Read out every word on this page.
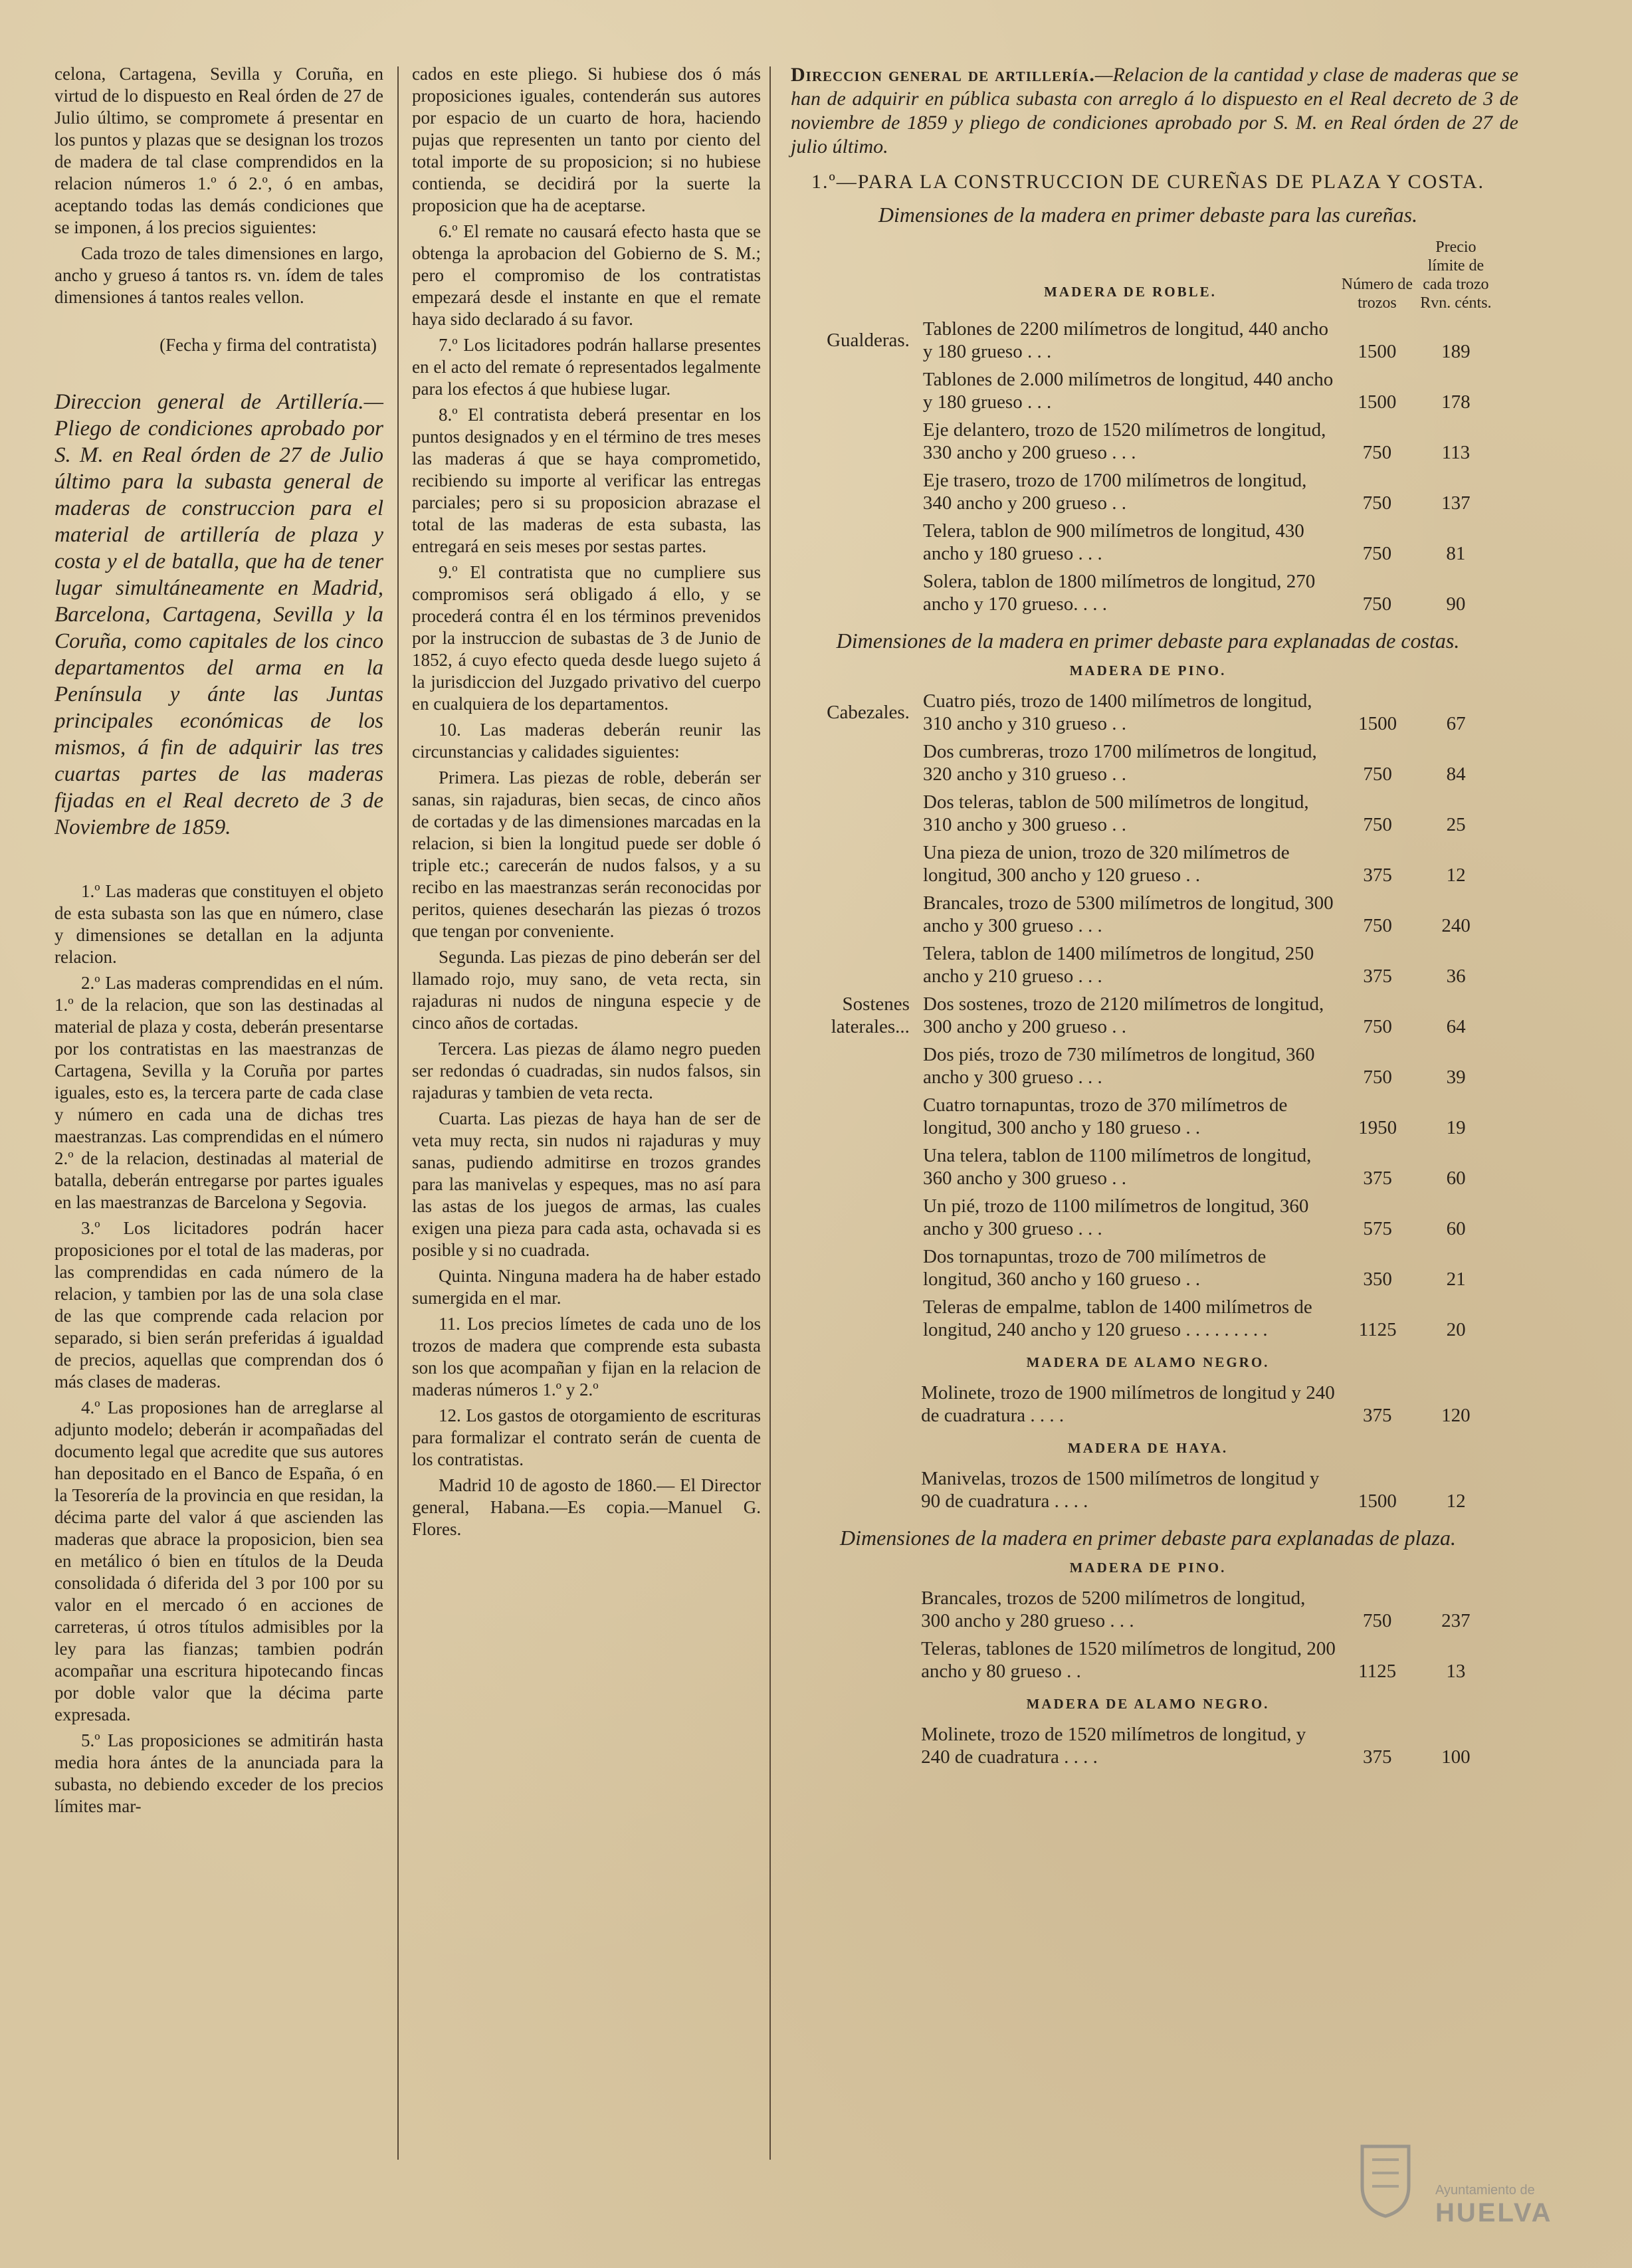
celona, Cartagena, Sevilla y Coruña, en virtud de lo dispuesto en Real órden de 27 de Julio último, se compromete á presentar en los puntos y plazas que se designan los trozos de madera de tal clase comprendidos en la relacion números 1.º ó 2.º, ó en ambas, aceptando todas las demás condiciones que se imponen, á los precios siguientes:

Cada trozo de tales dimensiones en largo, ancho y grueso á tantos rs. vn. ídem de tales dimensiones á tantos reales vellon.

(Fecha y firma del contratista)
Direccion general de Artillería.— Pliego de condiciones aprobado por S. M. en Real órden de 27 de Julio último para la subasta general de maderas de construccion para el material de artillería de plaza y costa y el de batalla, que ha de tener lugar simultáneamente en Madrid, Barcelona, Cartagena, Sevilla y la Coruña, como capitales de los cinco departamentos del arma en la Península y ánte las Juntas principales económicas de los mismos, á fin de adquirir las tres cuartas partes de las maderas fijadas en el Real decreto de 3 de Noviembre de 1859.

1.º Las maderas que constituyen el objeto de esta subasta son las que en número, clase y dimensiones se detallan en la adjunta relacion.

2.º Las maderas comprendidas en el núm. 1.º de la relacion, que son las destinadas al material de plaza y costa, deberán presentarse por los contratistas en las maestranzas de Cartagena, Sevilla y la Coruña por partes iguales, esto es, la tercera parte de cada clase y número en cada una de dichas tres maestranzas. Las comprendidas en el número 2.º de la relacion, destinadas al material de batalla, deberán entregarse por partes iguales en las maestranzas de Barcelona y Segovia.

3.º Los licitadores podrán hacer proposiciones por el total de las maderas, por las comprendidas en cada número de la relacion, y tambien por las de una sola clase de las que comprende cada relacion por separado, si bien serán preferidas á igualdad de precios, aquellas que comprendan dos ó más clases de maderas.

4.º Las proposiones han de arreglarse al adjunto modelo; deberán ir acompañadas del documento legal que acredite que sus autores han depositado en el Banco de España, ó en la Tesorería de la provincia en que residan, la décima parte del valor á que ascienden las maderas que abrace la proposicion, bien sea en metálico ó bien en títulos de la Deuda consolidada ó diferida del 3 por 100 por su valor en el mercado ó en acciones de carreteras, ú otros títulos admisibles por la ley para las fianzas; tambien podrán acompañar una escritura hipotecando fincas por doble valor que la décima parte expresada.

5.º Las proposiciones se admitirán hasta media hora ántes de la anunciada para la subasta, no debiendo exceder de los precios límites mar-

cados en este pliego. Si hubiese dos ó más proposiciones iguales, contenderán sus autores por espacio de un cuarto de hora, haciendo pujas que representen un tanto por ciento del total importe de su proposicion; si no hubiese contienda, se decidirá por la suerte la proposicion que ha de aceptarse.

6.º El remate no causará efecto hasta que se obtenga la aprobacion del Gobierno de S. M.; pero el compromiso de los contratistas empezará desde el instante en que el remate haya sido declarado á su favor.

7.º Los licitadores podrán hallarse presentes en el acto del remate ó representados legalmente para los efectos á que hubiese lugar.

8.º El contratista deberá presentar en los puntos designados y en el término de tres meses las maderas á que se haya comprometido, recibiendo su importe al verificar las entregas parciales; pero si su proposicion abrazase el total de las maderas de esta subasta, las entregará en seis meses por sestas partes.

9.º El contratista que no cumpliere sus compromisos será obligado á ello, y se procederá contra él en los términos prevenidos por la instruccion de subastas de 3 de Junio de 1852, á cuyo efecto queda desde luego sujeto á la jurisdiccion del Juzgado privativo del cuerpo en cualquiera de los departamentos.

10. Las maderas deberán reunir las circunstancias y calidades siguientes:

Primera. Las piezas de roble, deberán ser sanas, sin rajaduras, bien secas, de cinco años de cortadas y de las dimensiones marcadas en la relacion, si bien la longitud puede ser doble ó triple etc.; carecerán de nudos falsos, y a su recibo en las maestranzas serán reconocidas por peritos, quienes desecharán las piezas ó trozos que tengan por conveniente.

Segunda. Las piezas de pino deberán ser del llamado rojo, muy sano, de veta recta, sin rajaduras ni nudos de ninguna especie y de cinco años de cortadas.

Tercera. Las piezas de álamo negro pueden ser redondas ó cuadradas, sin nudos falsos, sin rajaduras y tambien de veta recta.

Cuarta. Las piezas de haya han de ser de veta muy recta, sin nudos ni rajaduras y muy sanas, pudiendo admitirse en trozos grandes para las manivelas y espeques, mas no así para las astas de los juegos de armas, las cuales exigen una pieza para cada asta, ochavada si es posible y si no cuadrada.

Quinta. Ninguna madera ha de haber estado sumergida en el mar.

11. Los precios límetes de cada uno de los trozos de madera que comprende esta subasta son los que acompañan y fijan en la relacion de maderas números 1.º y 2.º

12. Los gastos de otorgamiento de escrituras para formalizar el contrato serán de cuenta de los contratistas.

Madrid 10 de agosto de 1860.— El Director general, Habana.—Es copia.—Manuel G. Flores.

Direccion general de artillería.—Relacion de la cantidad y clase de maderas que se han de adquirir en pública subasta con arreglo á lo dispuesto en el Real decreto de 3 de noviembre de 1859 y pliego de condiciones aprobado por S. M. en Real órden de 27 de julio último.
1.º—PARA LA CONSTRUCCION DE CUREÑAS DE PLAZA Y COSTA.
Dimensiones de la madera en primer debaste para las cureñas.

	MADERA DE ROBLE.	Número de trozos	Precio límite de cada trozo Rvn. cénts.
Gualderas.	Tablones de 2200 milímetros de longitud, 440 ancho y 180 grueso . . .	1500	189
	Tablones de 2.000 milímetros de longitud, 440 ancho y 180 grueso . . .	1500	178
	Eje delantero, trozo de 1520 milímetros de longitud, 330 ancho y 200 grueso . . .	750	113
	Eje trasero, trozo de 1700 milímetros de longitud, 340 ancho y 200 grueso . .	750	137
	Telera, tablon de 900 milímetros de longitud, 430 ancho y 180 grueso . . .	750	81
	Solera, tablon de 1800 milímetros de longitud, 270 ancho y 170 grueso. . . .	750	90
Dimensiones de la madera en primer debaste para explanadas de costas.
MADERA DE PINO.
Cabezales.	Cuatro piés, trozo de 1400 milímetros de longitud, 310 ancho y 310 grueso . .	1500	67
	Dos cumbreras, trozo 1700 milímetros de longitud, 320 ancho y 310 grueso . .	750	84
	Dos teleras, tablon de 500 milímetros de longitud, 310 ancho y 300 grueso . .	750	25
	Una pieza de union, trozo de 320 milímetros de longitud, 300 ancho y 120 grueso . .	375	12
	Brancales, trozo de 5300 milímetros de longitud, 300 ancho y 300 grueso . . .	750	240
	Telera, tablon de 1400 milímetros de longitud, 250 ancho y 210 grueso . . .	375	36
Sostenes laterales...	Dos sostenes, trozo de 2120 milímetros de longitud, 300 ancho y 200 grueso . .	750	64
	Dos piés, trozo de 730 milímetros de longitud, 360 ancho y 300 grueso . . .	750	39
	Cuatro tornapuntas, trozo de 370 milímetros de longitud, 300 ancho y 180 grueso . .	1950	19
	Una telera, tablon de 1100 milímetros de longitud, 360 ancho y 300 grueso . .	375	60
	Un pié, trozo de 1100 milímetros de longitud, 360 ancho y 300 grueso . . .	575	60
	Dos tornapuntas, trozo de 700 milímetros de longitud, 360 ancho y 160 grueso . .	350	21
	Teleras de empalme, tablon de 1400 milímetros de longitud, 240 ancho y 120 grueso . . . . . . . . .	1125	20
MADERA DE ALAMO NEGRO.
	Molinete, trozo de 1900 milímetros de longitud y 240 de cuadratura . . . .	375	120
MADERA DE HAYA.
	Manivelas, trozos de 1500 milímetros de longitud y 90 de cuadratura . . . .	1500	12
Dimensiones de la madera en primer debaste para explanadas de plaza.
MADERA DE PINO.
	Brancales, trozos de 5200 milímetros de longitud, 300 ancho y 280 grueso . . .	750	237
	Teleras, tablones de 1520 milímetros de longitud, 200 ancho y 80 grueso . .	1125	13
MADERA DE ALAMO NEGRO.
	Molinete, trozo de 1520 milímetros de longitud, y 240 de cuadratura . . . .	375	100
Ayuntamiento de
HUELVA
